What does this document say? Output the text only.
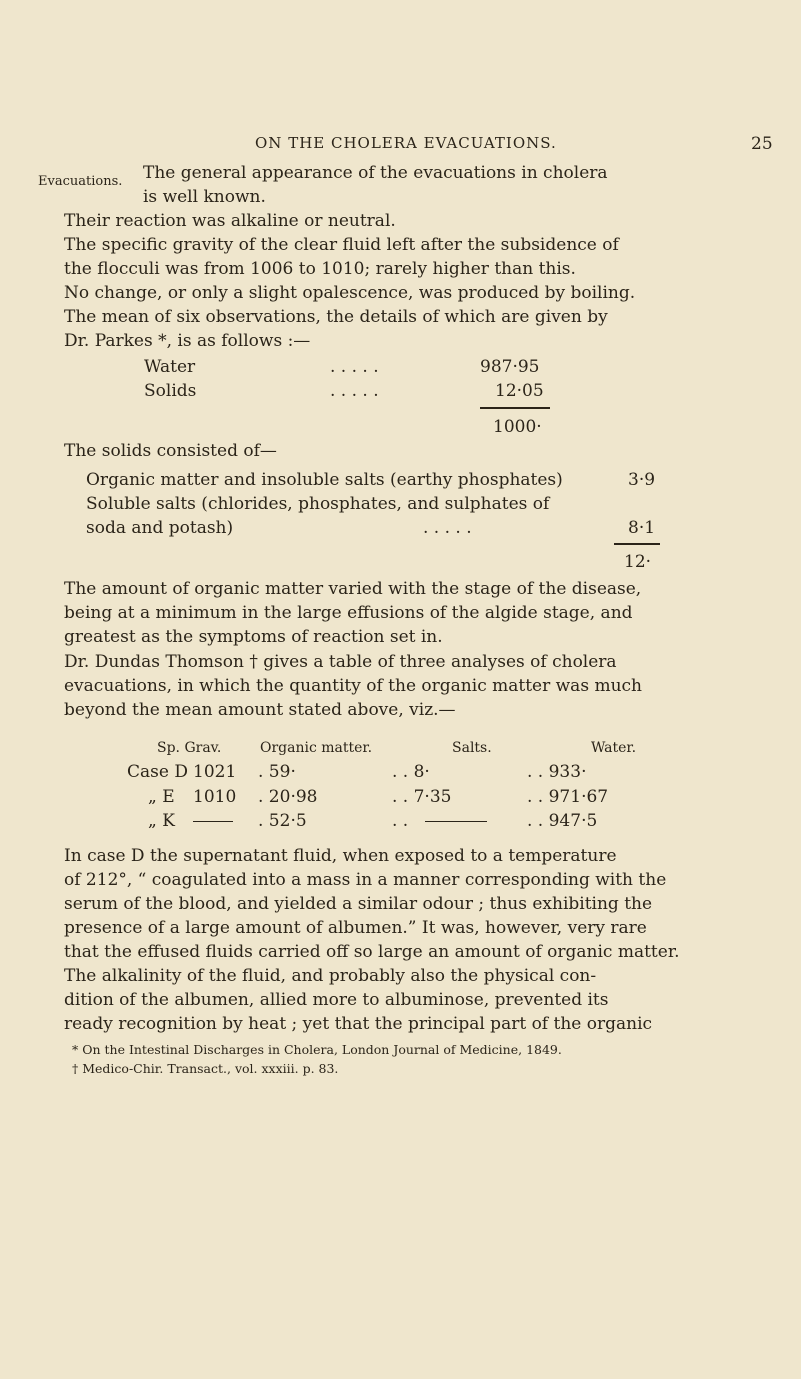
ON THE CHOLERA EVACUATIONS.	25
Evacuations. The general appearance of the evacuations in cholera
is well known.
Their reaction was alkaline or neutral.
The specific gravity of the clear fluid left after the subsidence of
the flocculi was from 1006 to 1010; rarely higher than this.
No change, or only a slight opalescence, was produced by boiling.
The mean of six observations, the details of which are given by
Dr. Parkes *, is as follows :—
Water	. . . . .	987·95
Solids	. . . . .	12·05
1000·
The solids consisted of—
Organic matter and insoluble salts (earthy phosphates)	3·9
Soluble salts (chlorides, phosphates, and sulphates of
soda and potash)	. . . . .	8·1
12·
The amount of organic matter varied with the stage of the disease,
being at a minimum in the large effusions of the algide stage, and
greatest as the symptoms of reaction set in.
Dr. Dundas Thomson † gives a table of three analyses of cholera
evacuations, in which the quantity of the organic matter was much
beyond the mean amount stated above, viz.—
Sp. Grav.	Organic matter.	Salts.	Water.
Case D 1021 . 59·	. . 8·	. . 933·
„ E 1010 . 20·98	. . 7·35	. . 971·67
„ K	. 52·5	. .	. . 947·5
In case D the supernatant fluid, when exposed to a temperature
of 212°, “ coagulated into a mass in a manner corresponding with the
serum of the blood, and yielded a similar odour ; thus exhibiting the
presence of a large amount of albumen.” It was, however, very rare
that the effused fluids carried off so large an amount of organic matter.
The alkalinity of the fluid, and probably also the physical con-
dition of the albumen, allied more to albuminose, prevented its
ready recognition by heat ; yet that the principal part of the organic
* On the Intestinal Discharges in Cholera, London Journal of Medicine, 1849.
† Medico-Chir. Transact., vol. xxxiii. p. 83.
